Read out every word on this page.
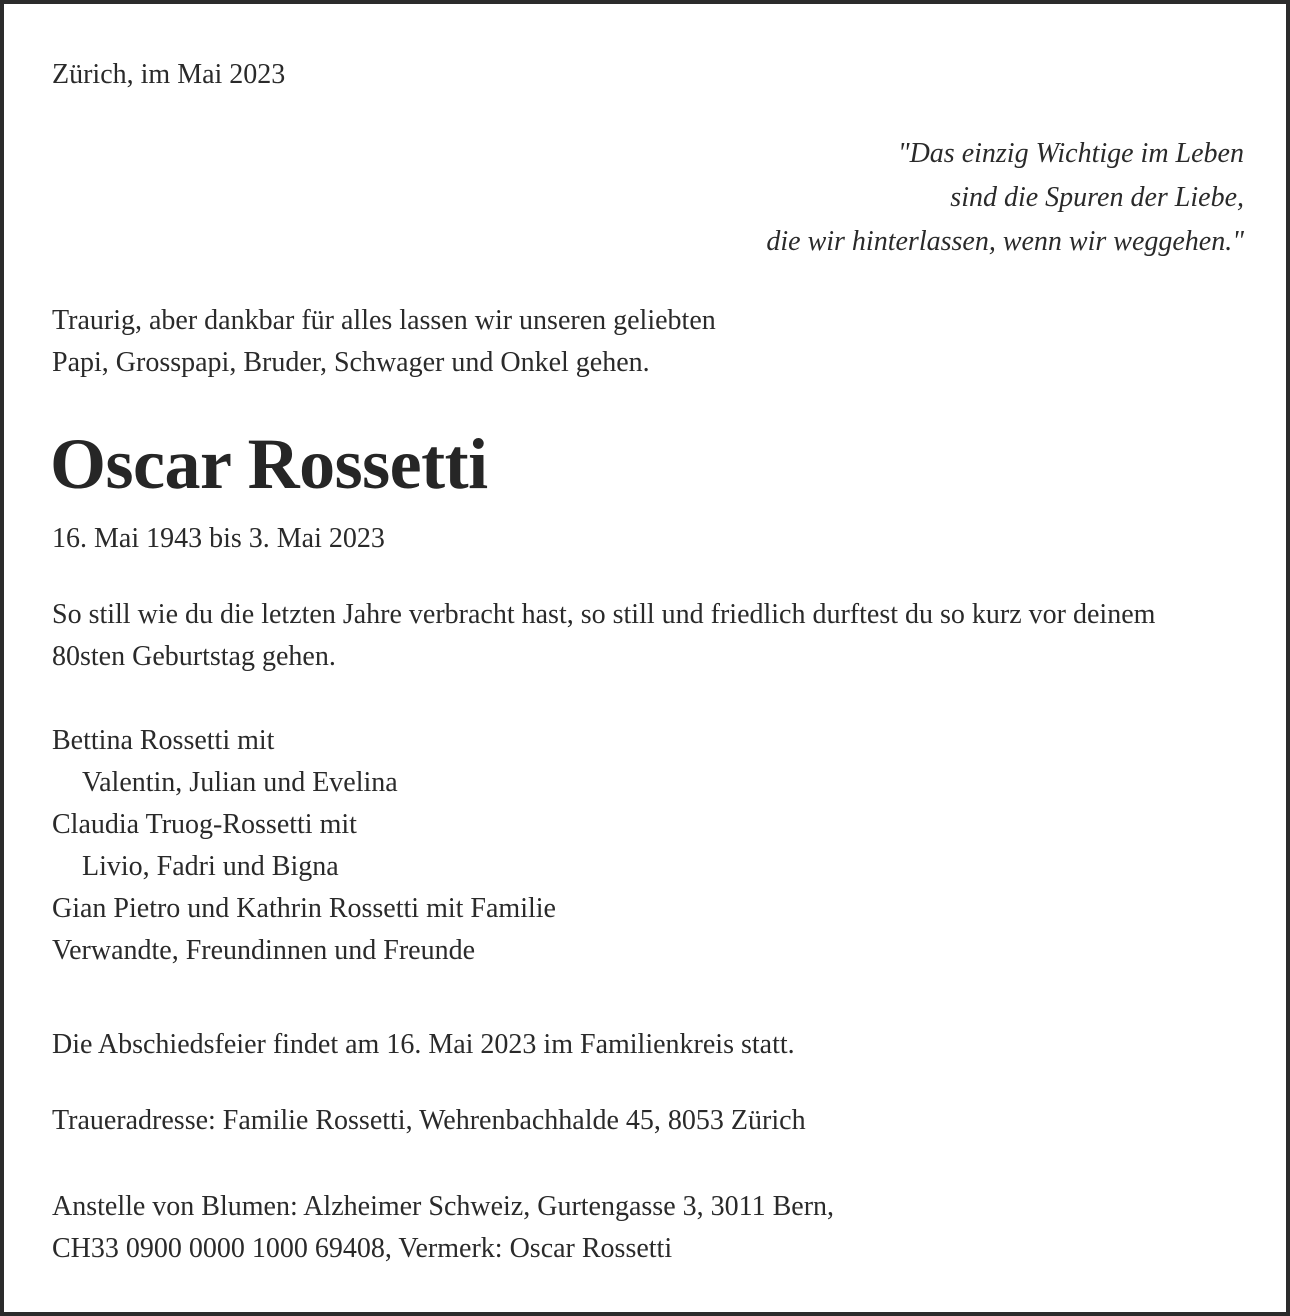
Zürich, im Mai 2023

"Das einzig Wichtige im Leben
sind die Spuren der Liebe,
die wir hinterlassen, wenn wir weggehen."

Traurig, aber dankbar für alles lassen wir unseren geliebten
Papi, Grosspapi, Bruder, Schwager und Onkel gehen.

Oscar Rossetti

16. Mai 1943 bis 3. Mai 2023

So still wie du die letzten Jahre verbracht hast, so still und friedlich durftest du so kurz vor deinem
80sten Geburtstag gehen.

Bettina Rossetti mit
Valentin, Julian und Evelina
Claudia Truog-Rossetti mit
Livio, Fadri und Bigna
Gian Pietro und Kathrin Rossetti mit Familie
Verwandte, Freundinnen und Freunde

Die Abschiedsfeier findet am 16. Mai 2023 im Familienkreis statt.

Traueradresse: Familie Rossetti, Wehrenbachhalde 45, 8053 Zürich

Anstelle von Blumen: Alzheimer Schweiz, Gurtengasse 3, 3011 Bern,
CH33 0900 0000 1000 69408, Vermerk: Oscar Rossetti
